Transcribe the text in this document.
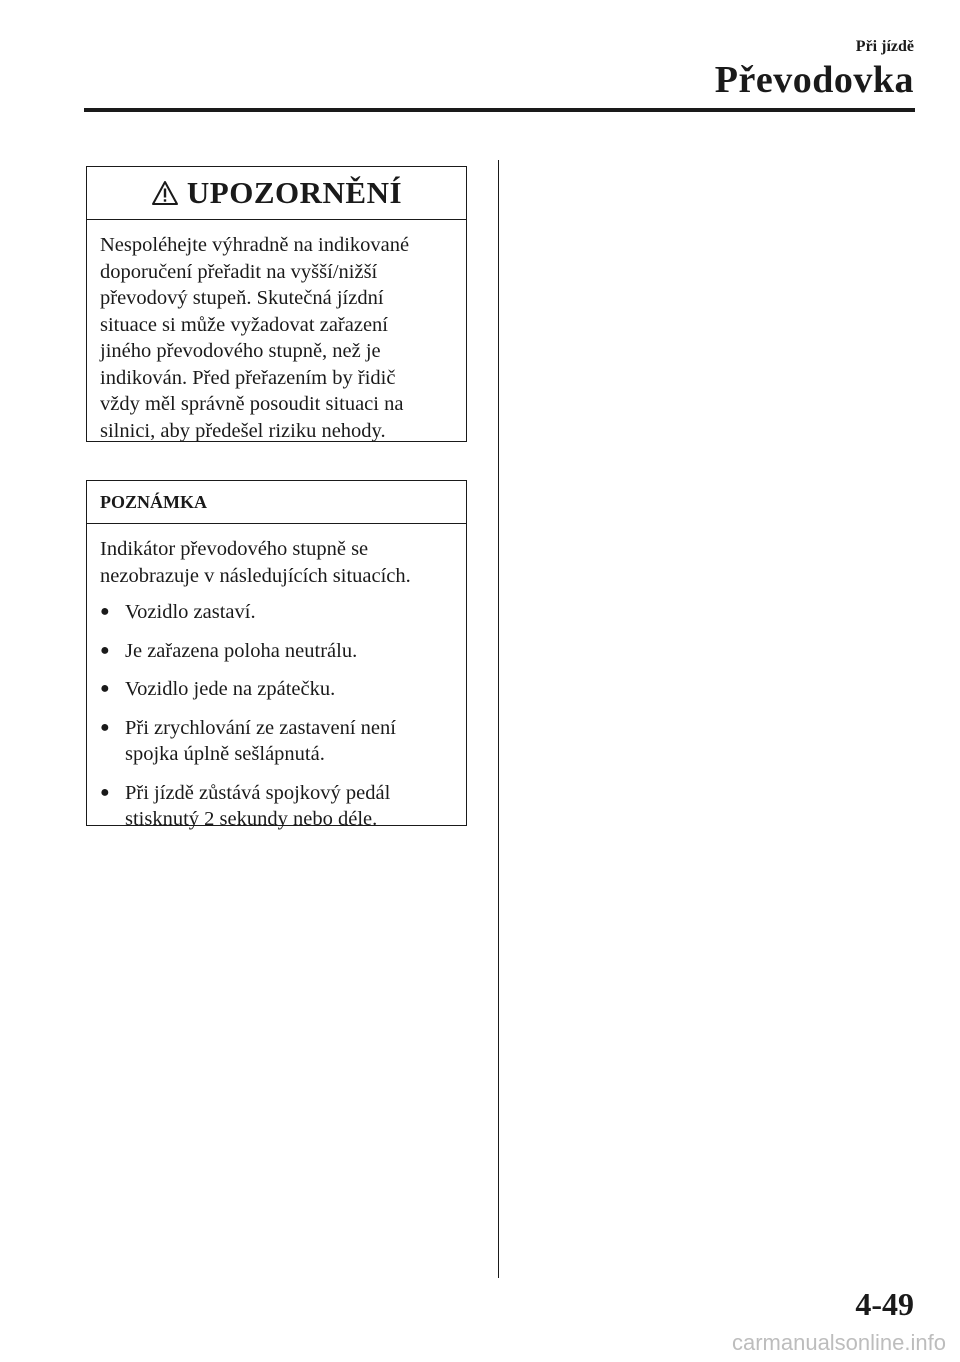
Při jízdě
Převodovka
UPOZORNĚNÍ
Nespoléhejte výhradně na indikované
doporučení přeřadit na vyšší/nižší
převodový stupeň. Skutečná jízdní
situace si může vyžadovat zařazení
jiného převodového stupně, než je
indikován. Před přeřazením by řidič
vždy měl správně posoudit situaci na
silnici, aby předešel riziku nehody.
POZNÁMKA
Indikátor převodového stupně se
nezobrazuje v následujících situacích.
● Vozidlo zastaví.
● Je zařazena poloha neutrálu.
● Vozidlo jede na zpátečku.
● Při zrychlování ze zastavení není
spojka úplně sešlápnutá.
● Při jízdě zůstává spojkový pedál
stisknutý 2 sekundy nebo déle.
4-49
carmanualsonline.info
